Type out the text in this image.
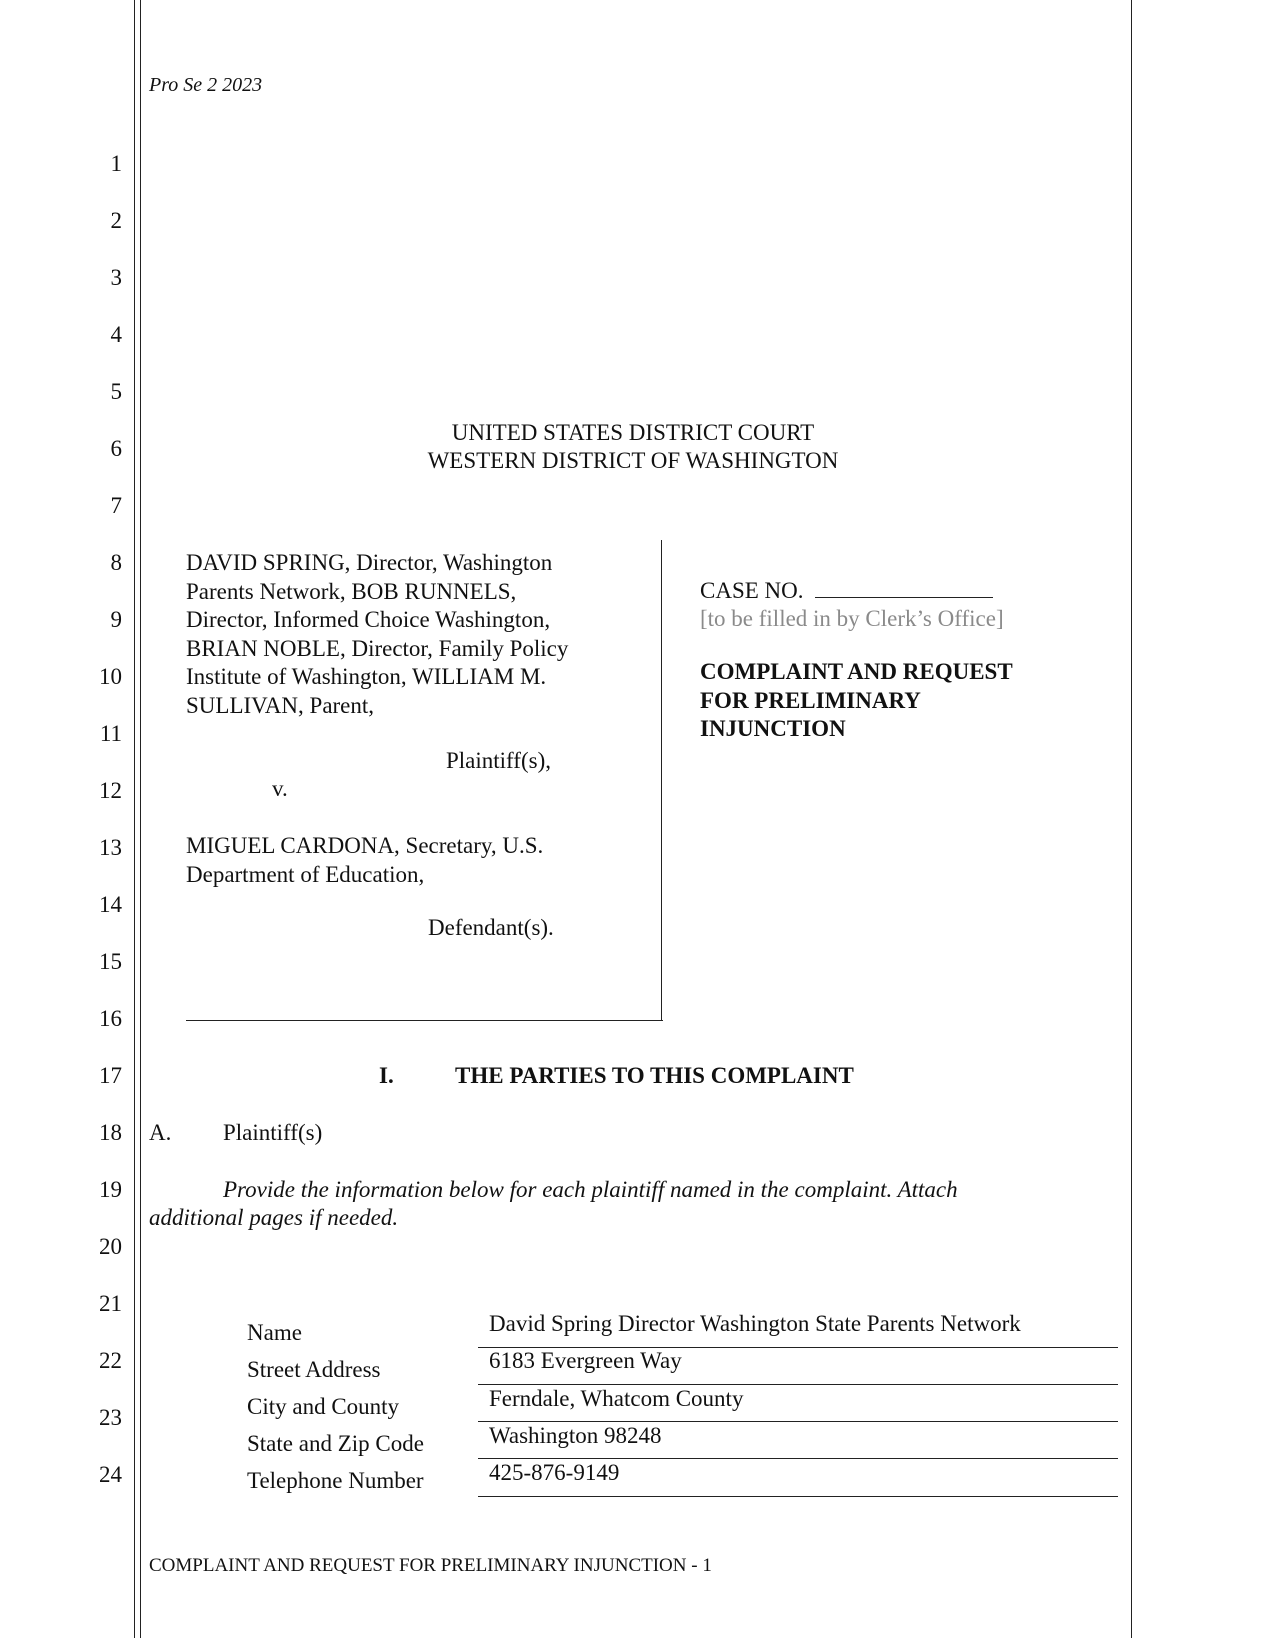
Pro Se 2 2023
1
2
3
4
5
6
7
8
9
10
11
12
13
14
15
16
17
18
19
20
21
22
23
24
UNITED STATES DISTRICT COURT
WESTERN DISTRICT OF WASHINGTON
DAVID SPRING, Director, Washington
Parents Network, BOB RUNNELS,
Director, Informed Choice Washington,
BRIAN NOBLE, Director, Family Policy
Institute of Washington, WILLIAM M.
SULLIVAN, Parent,
Plaintiff(s),
v.
MIGUEL CARDONA, Secretary, U.S.
Department of Education,
Defendant(s).
CASE NO.
[to be filled in by Clerk’s Office]
COMPLAINT AND REQUEST
FOR PRELIMINARY
INJUNCTION
I.	THE PARTIES TO THIS COMPLAINT
A. Plaintiff(s)
Provide the information below for each plaintiff named in the complaint. Attach
additional pages if needed.
Name
Street Address
City and County
State and Zip Code
Telephone Number
David Spring Director Washington State Parents Network
6183 Evergreen Way
Ferndale, Whatcom County
Washington 98248
425-876-9149
COMPLAINT AND REQUEST FOR PRELIMINARY INJUNCTION - 1
